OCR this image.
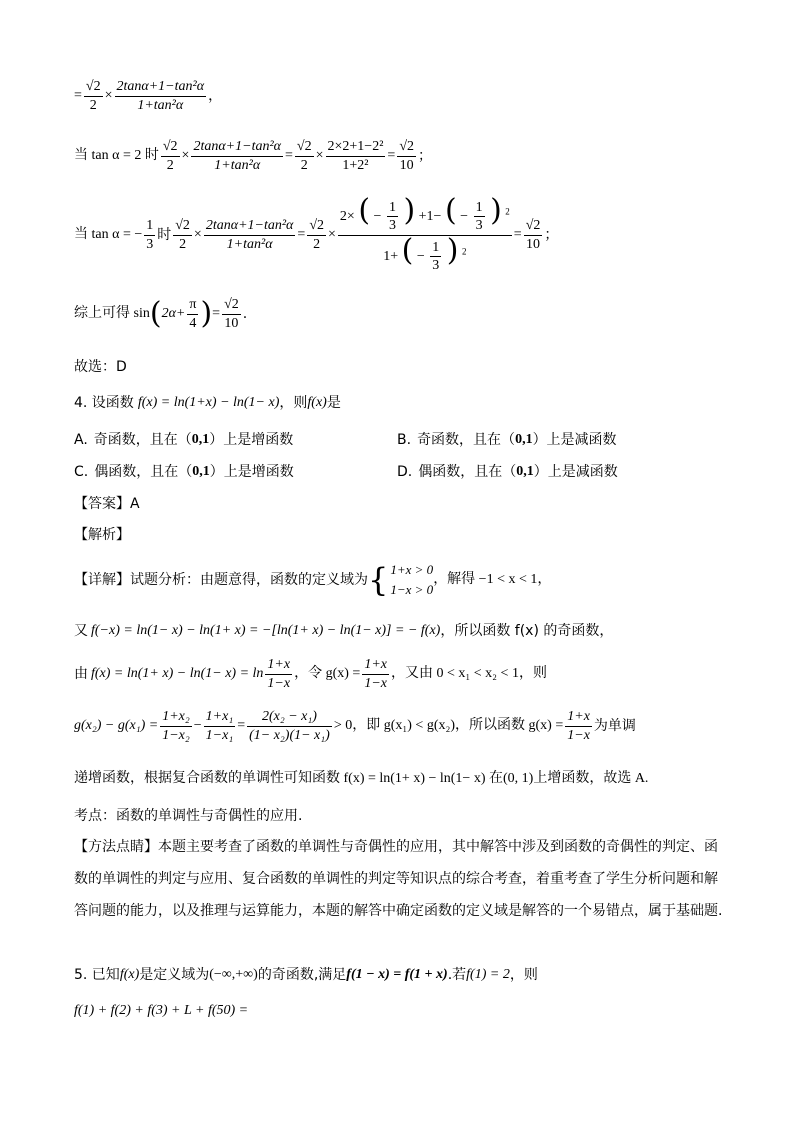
= $\frac{√2}{2} \times \frac{\text{2tanα+1−tan²α}}{\text{1+tan²α}}$ ，
当 tan α = 2 时 $\frac{√2}{2} \times \frac{\text{2tanα+1−tan²α}}{\text{1+tan²α}} = \frac{√2}{2} \times \frac{\text{2×2+1−2²}}{\text{1+2²}} = \frac{√2}{10}$ ；
当 tan α = − $\frac{1}{3}$ 时 $\frac{√2}{2} \times \frac{\text{2tanα+1−tan²α}}{\text{1+tan²α}} = \frac{√2}{2}$ ×
2× ( − $\frac{1}{3}$ ) +1− ( − $\frac{1}{3}$ ) $^2$
1+ ( − $\frac{1}{3}$ ) $^2$
= $\frac{√2}{10}$ ；
综上可得 sin ( $2\alpha+ \frac{\pi}{4}$ ) = $\frac{√2}{10}$ .
故选：D
4. 设函数 f(x) = ln(1+x) − ln(1− x) ，则 f(x) 是
A. 奇函数，且在（ 0,1 ）上是增函数	B. 奇函数，且在（ 0,1 ）上是减函数
C. 偶函数，且在（ 0,1 ）上是增函数	D. 偶函数，且在（ 0,1 ）上是减函数
【答案】A
【解析】
【详解】试题分析：由题意得，函数的定义域为 { 1+x > 0
1−x > 0
，解得 −1 < x < 1，
又 f(−x) = ln(1− x) − ln(1+ x) = −[ln(1+ x) − ln(1− x)] = − f(x) ，所以函数 f(x) 的奇函数，
由 $f(x) = \ln(1+ x) - \ln(1- x) = \ln \frac{1+x}{1-x}$ ，令 $g(x) = \frac{1+x}{1-x}$ ，又由 0 < x₁ < x₂ < 1，则
$g(x_2) - g(x_1) = \frac{\text{1+x₂}}{\text{1−x₂}} - \frac{\text{1+x₁}}{\text{1−x₁}} = \frac{\text{2(x₂ − x₁)}}{\text{(1− x₂)(1− x₁)}} > 0$ ，即 g(x₁) < g(x₂)，所以函数 $g(x) = \frac{1+x}{1-x}$ 为单调
递增函数，根据复合函数的单调性可知函数 f(x) = ln(1+ x) − ln(1− x) 在(0, 1)上增函数，故选 A.
考点：函数的单调性与奇偶性的应用.
【方法点睛】本题主要考查了函数的单调性与奇偶性的应用，其中解答中涉及到函数的奇偶性的判定、函
数的单调性的判定与应用、复合函数的单调性的判定等知识点的综合考查，着重考查了学生分析问题和解
答问题的能力，以及推理与运算能力，本题的解答中确定函数的定义域是解答的一个易错点，属于基础题.
5. 已知 f(x) 是定义域为 (−∞,+∞) 的奇函数,满足 f(1 − x) = f(1 + x) .若 f(1) = 2 ，则
f(1) + f(2) + f(3) + L + f(50) =
